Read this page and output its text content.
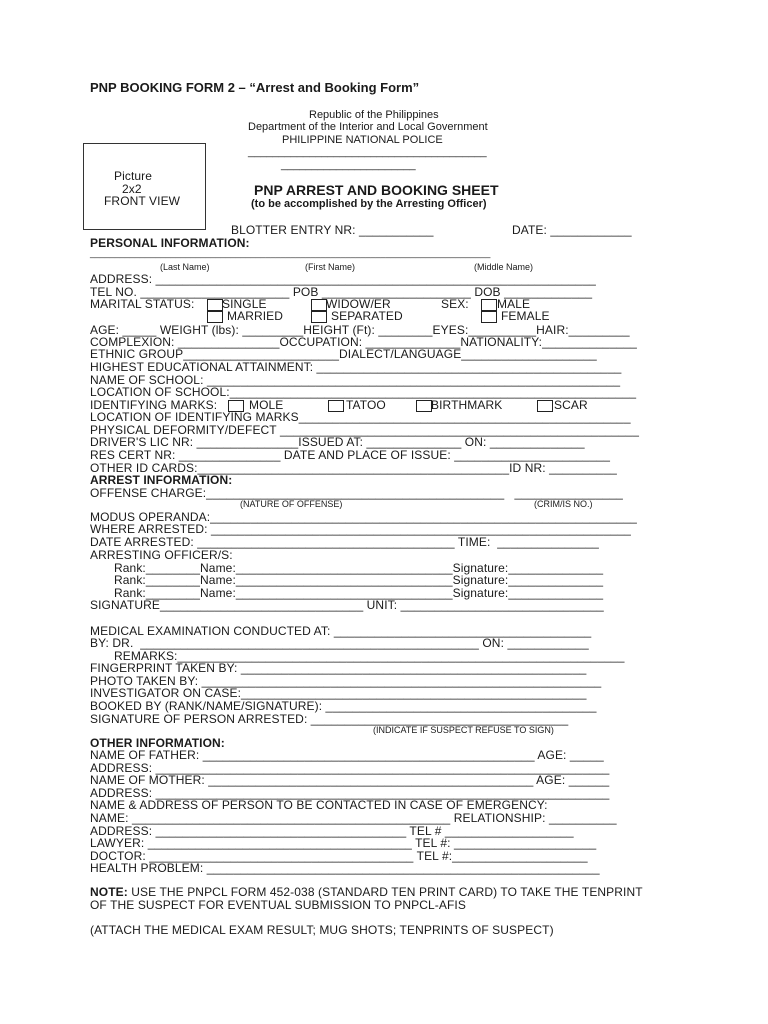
PNP BOOKING FORM 2 – “Arrest and Booking Form”
Picture
2x2
FRONT VIEW
Republic of the Philippines
Department of the Interior and Local Government
PHILIPPINE NATIONAL POLICE
_______________________________________
______________________
PNP ARREST AND BOOKING SHEET
(to be accomplished by the Arresting Officer)
BLOTTER ENTRY NR: ___________	DATE: ____________
PERSONAL INFORMATION:
________________________________________________________________________________
(Last Name)	(First Name)	(Middle Name)
ADDRESS: _________________________________________________________________
TEL NO. ______________________ POB ______________________ DOB _____________
MARITAL STATUS: SINGLE
MARRIED
WIDOW/ER
SEPARATED
SEX: MALE
FEMALE
AGE: _____ WEIGHT (lbs): _________HEIGHT (Ft): ________EYES:__________HAIR:_________
COMPLEXION: _______________OCCUPATION: ______________NATIONALITY:______________
ETHNIC GROUP_______________________DIALECT/LANGUAGE____________________
HIGHEST EDUCATIONAL ATTAINMENT: _____________________________________________
NAME OF SCHOOL: _____________________________________________________________
LOCATION OF SCHOOL:____________________________________________________________
IDENTIFYING MARKS:	MOLE	TATOO	BIRTHMARK	SCAR
LOCATION OF IDENTIFYING MARKS_________________________________________________
PHYSICAL DEFORMITY/DEFECT _____________________________________________________
DRIVER'S LIC NR: _______________ISSUED AT: ______________ ON: ______________
RES CERT NR: _______________ DATE AND PLACE OF ISSUE: _______________________
OTHER ID CARDS:______________________________________________ID NR: __________
ARREST INFORMATION:
OFFENSE CHARGE:____________________________________________   ________________
(NATURE OF OFFENSE)	(CRIM/IS NO.)
MODUS OPERANDA:_______________________________________________________________
WHERE ARRESTED: ______________________________________________________________
DATE ARRESTED: ______________________________________ TIME:  _______________
ARRESTING OFFICER/S:
Rank:________Name:________________________________Signature:______________
Rank:________Name:________________________________Signature:______________
Rank:________Name:________________________________Signature:______________
SIGNATURE______________________________ UNIT: ______________________________
MEDICAL EXAMINATION CONDUCTED AT: ______________________________________
BY: DR.  __________________________________________________ ON: ____________
REMARKS:__________________________________________________________________
FINGERPRINT TAKEN BY: ___________________________________________________
PHOTO TAKEN BY: ___________________________________________________________
INVESTIGATOR ON CASE:___________________________________________________
BOOKED BY (RANK/NAME/SIGNATURE): ________________________________________
SIGNATURE OF PERSON ARRESTED: ______________________________________
(INDICATE IF SUSPECT REFUSE TO SIGN)
OTHER INFORMATION:
NAME OF FATHER: _________________________________________________ AGE: _____
ADDRESS: ___________________________________________________________________
NAME OF MOTHER: ________________________________________________ AGE: ______
ADDRESS: ___________________________________________________________________
NAME & ADDRESS OF PERSON TO BE CONTACTED IN CASE OF EMERGENCY:
NAME: _______________________________________________ RELATIONSHIP: __________
ADDRESS: _____________________________________ TEL # ___________________
LAWYER: _______________________________________ TEL #: _____________________
DOCTOR: _______________________________________ TEL #:____________________
HEALTH PROBLEM: __________________________________________________________
NOTE: USE THE PNPCL FORM 452-038 (STANDARD TEN PRINT CARD) TO TAKE THE TENPRINT
OF THE SUSPECT FOR EVENTUAL SUBMISSION TO PNPCL-AFIS
(ATTACH THE MEDICAL EXAM RESULT; MUG SHOTS; TENPRINTS OF SUSPECT)
